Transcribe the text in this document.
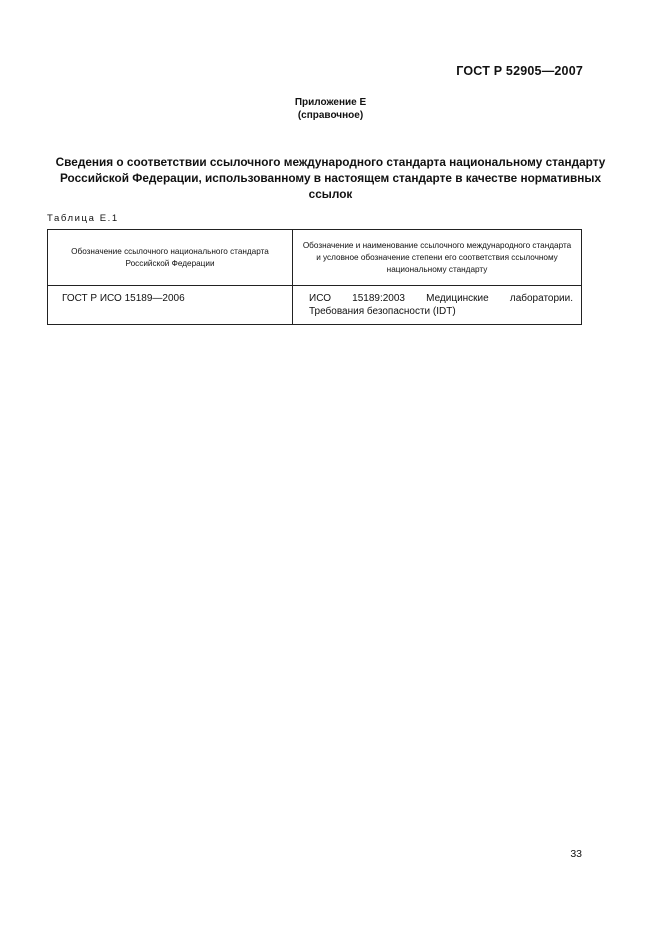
ГОСТ Р 52905—2007
Приложение Е
(справочное)
Сведения о соответствии ссылочного международного стандарта национальному стандарту Российской Федерации, использованному в настоящем стандарте в качестве нормативных ссылок
Таблица Е.1
Обозначение ссылочного национального стандарта Российской Федерации	Обозначение и наименование ссылочного международного стандарта и условное обозначение степени его соответствия ссылочному национальному стандарту
ГОСТ Р ИСО 15189—2006	ИСО 15189:2003 Медицинские лаборатории. Требования безопасности (IDT)
33
